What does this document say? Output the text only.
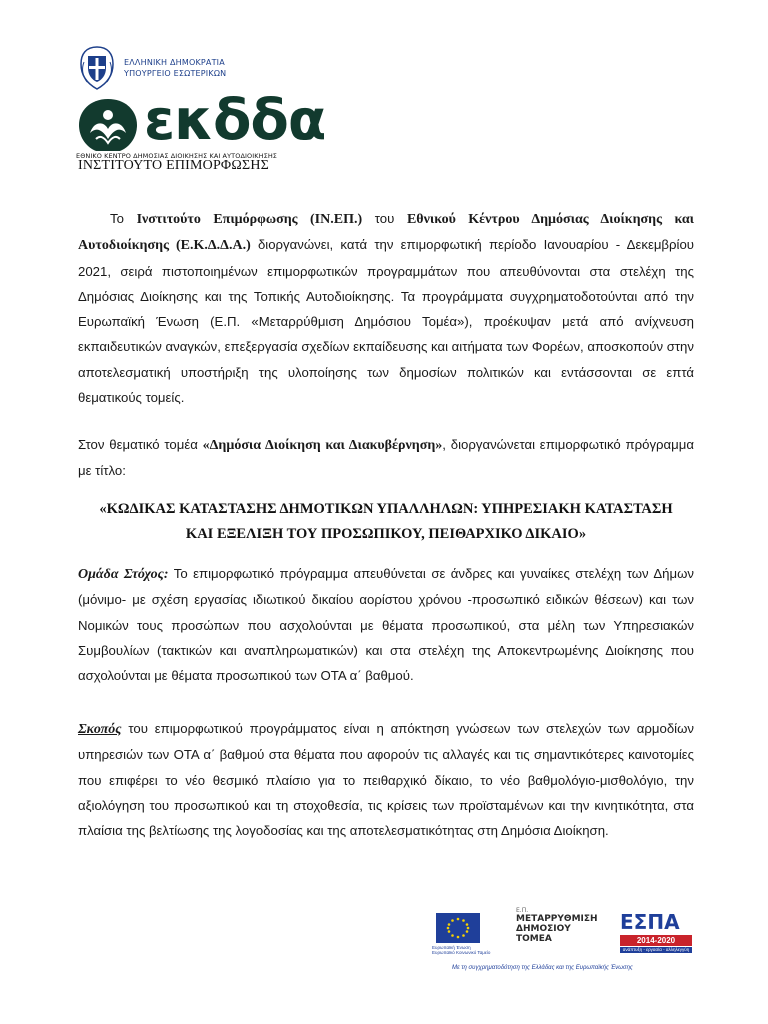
ΕΛΛΗΝΙΚΗ ΔΗΜΟΚΡΑΤΙΑ
ΥΠΟΥΡΓΕΙΟ ΕΣΩΤΕΡΙΚΩΝ
εκδδα
ΕΘΝΙΚΟ ΚΕΝΤΡΟ ΔΗΜΟΣΙΑΣ ΔΙΟΙΚΗΣΗΣ ΚΑΙ ΑΥΤΟΔΙΟΙΚΗΣΗΣ
ΙΝΣΤΙΤΟΥΤΟ ΕΠΙΜΟΡΦΩΣΗΣ
Το Ινστιτούτο Επιμόρφωσης (ΙΝ.ΕΠ.) του Εθνικού Κέντρου Δημόσιας Διοίκησης και Αυτοδιοίκησης (Ε.Κ.Δ.Δ.Α.) διοργανώνει, κατά την επιμορφωτική περίοδο Ιανουαρίου - Δεκεμβρίου 2021, σειρά πιστοποιημένων επιμορφωτικών προγραμμάτων που απευθύνονται στα στελέχη της Δημόσιας Διοίκησης και της Τοπικής Αυτοδιοίκησης. Τα προγράμματα συγχρηματοδοτούνται από την Ευρωπαϊκή Ένωση (Ε.Π. «Μεταρρύθμιση Δημόσιου Τομέα»), προέκυψαν μετά από ανίχνευση εκπαιδευτικών αναγκών, επεξεργασία σχεδίων εκπαίδευσης και αιτήματα των Φορέων, αποσκοπούν στην αποτελεσματική υποστήριξη της υλοποίησης των δημοσίων πολιτικών και εντάσσονται σε επτά θεματικούς τομείς.
Στον θεματικό τομέα «Δημόσια Διοίκηση και Διακυβέρνηση», διοργανώνεται επιμορφωτικό πρόγραμμα με τίτλο:
«ΚΩΔΙΚΑΣ ΚΑΤΑΣΤΑΣΗΣ ΔΗΜΟΤΙΚΩΝ ΥΠΑΛΛΗΛΩΝ: ΥΠΗΡΕΣΙΑΚΗ ΚΑΤΑΣΤΑΣΗ
ΚΑΙ ΕΞΕΛΙΞΗ ΤΟΥ ΠΡΟΣΩΠΙΚΟΥ, ΠΕΙΘΑΡΧΙΚΟ ΔΙΚΑΙΟ»
Ομάδα Στόχος: Το επιμορφωτικό πρόγραμμα απευθύνεται σε άνδρες και γυναίκες στελέχη των Δήμων (μόνιμο- με σχέση εργασίας ιδιωτικού δικαίου αορίστου χρόνου -προσωπικό ειδικών θέσεων) και των Νομικών τους προσώπων που ασχολούνται με θέματα προσωπικού, στα μέλη των Υπηρεσιακών Συμβουλίων (τακτικών και αναπληρωματικών) και στα στελέχη της Αποκεντρωμένης Διοίκησης που ασχολούνται με θέματα προσωπικού των ΟΤΑ α΄ βαθμού.
Σκοπός του επιμορφωτικού προγράμματος είναι η απόκτηση γνώσεων των στελεχών των αρμοδίων υπηρεσιών των ΟΤΑ α΄ βαθμού στα θέματα που αφορούν τις αλλαγές και τις σημαντικότερες καινοτομίες που επιφέρει το νέο θεσμικό πλαίσιο για το πειθαρχικό δίκαιο, το νέο βαθμολόγιο-μισθολόγιο, την αξιολόγηση του προσωπικού και τη στοχοθεσία, τις κρίσεις των προϊσταμένων και την κινητικότητα, στα πλαίσια της βελτίωσης της λογοδοσίας και της αποτελεσματικότητας στη Δημόσια Διοίκηση.
Ευρωπαϊκή Ένωση
Ευρωπαϊκό Κοινωνικό Ταμείο
Ε.Π.
ΜΕΤΑΡΡΥΘΜΙΣΗ
ΔΗΜΟΣΙΟΥ
ΤΟΜΕΑ
ΕΣΠΑ
2014-2020
ανάπτυξη - εργασία - αλληλεγγύη
Με τη συγχρηματοδότηση της Ελλάδας και της Ευρωπαϊκής Ένωσης
